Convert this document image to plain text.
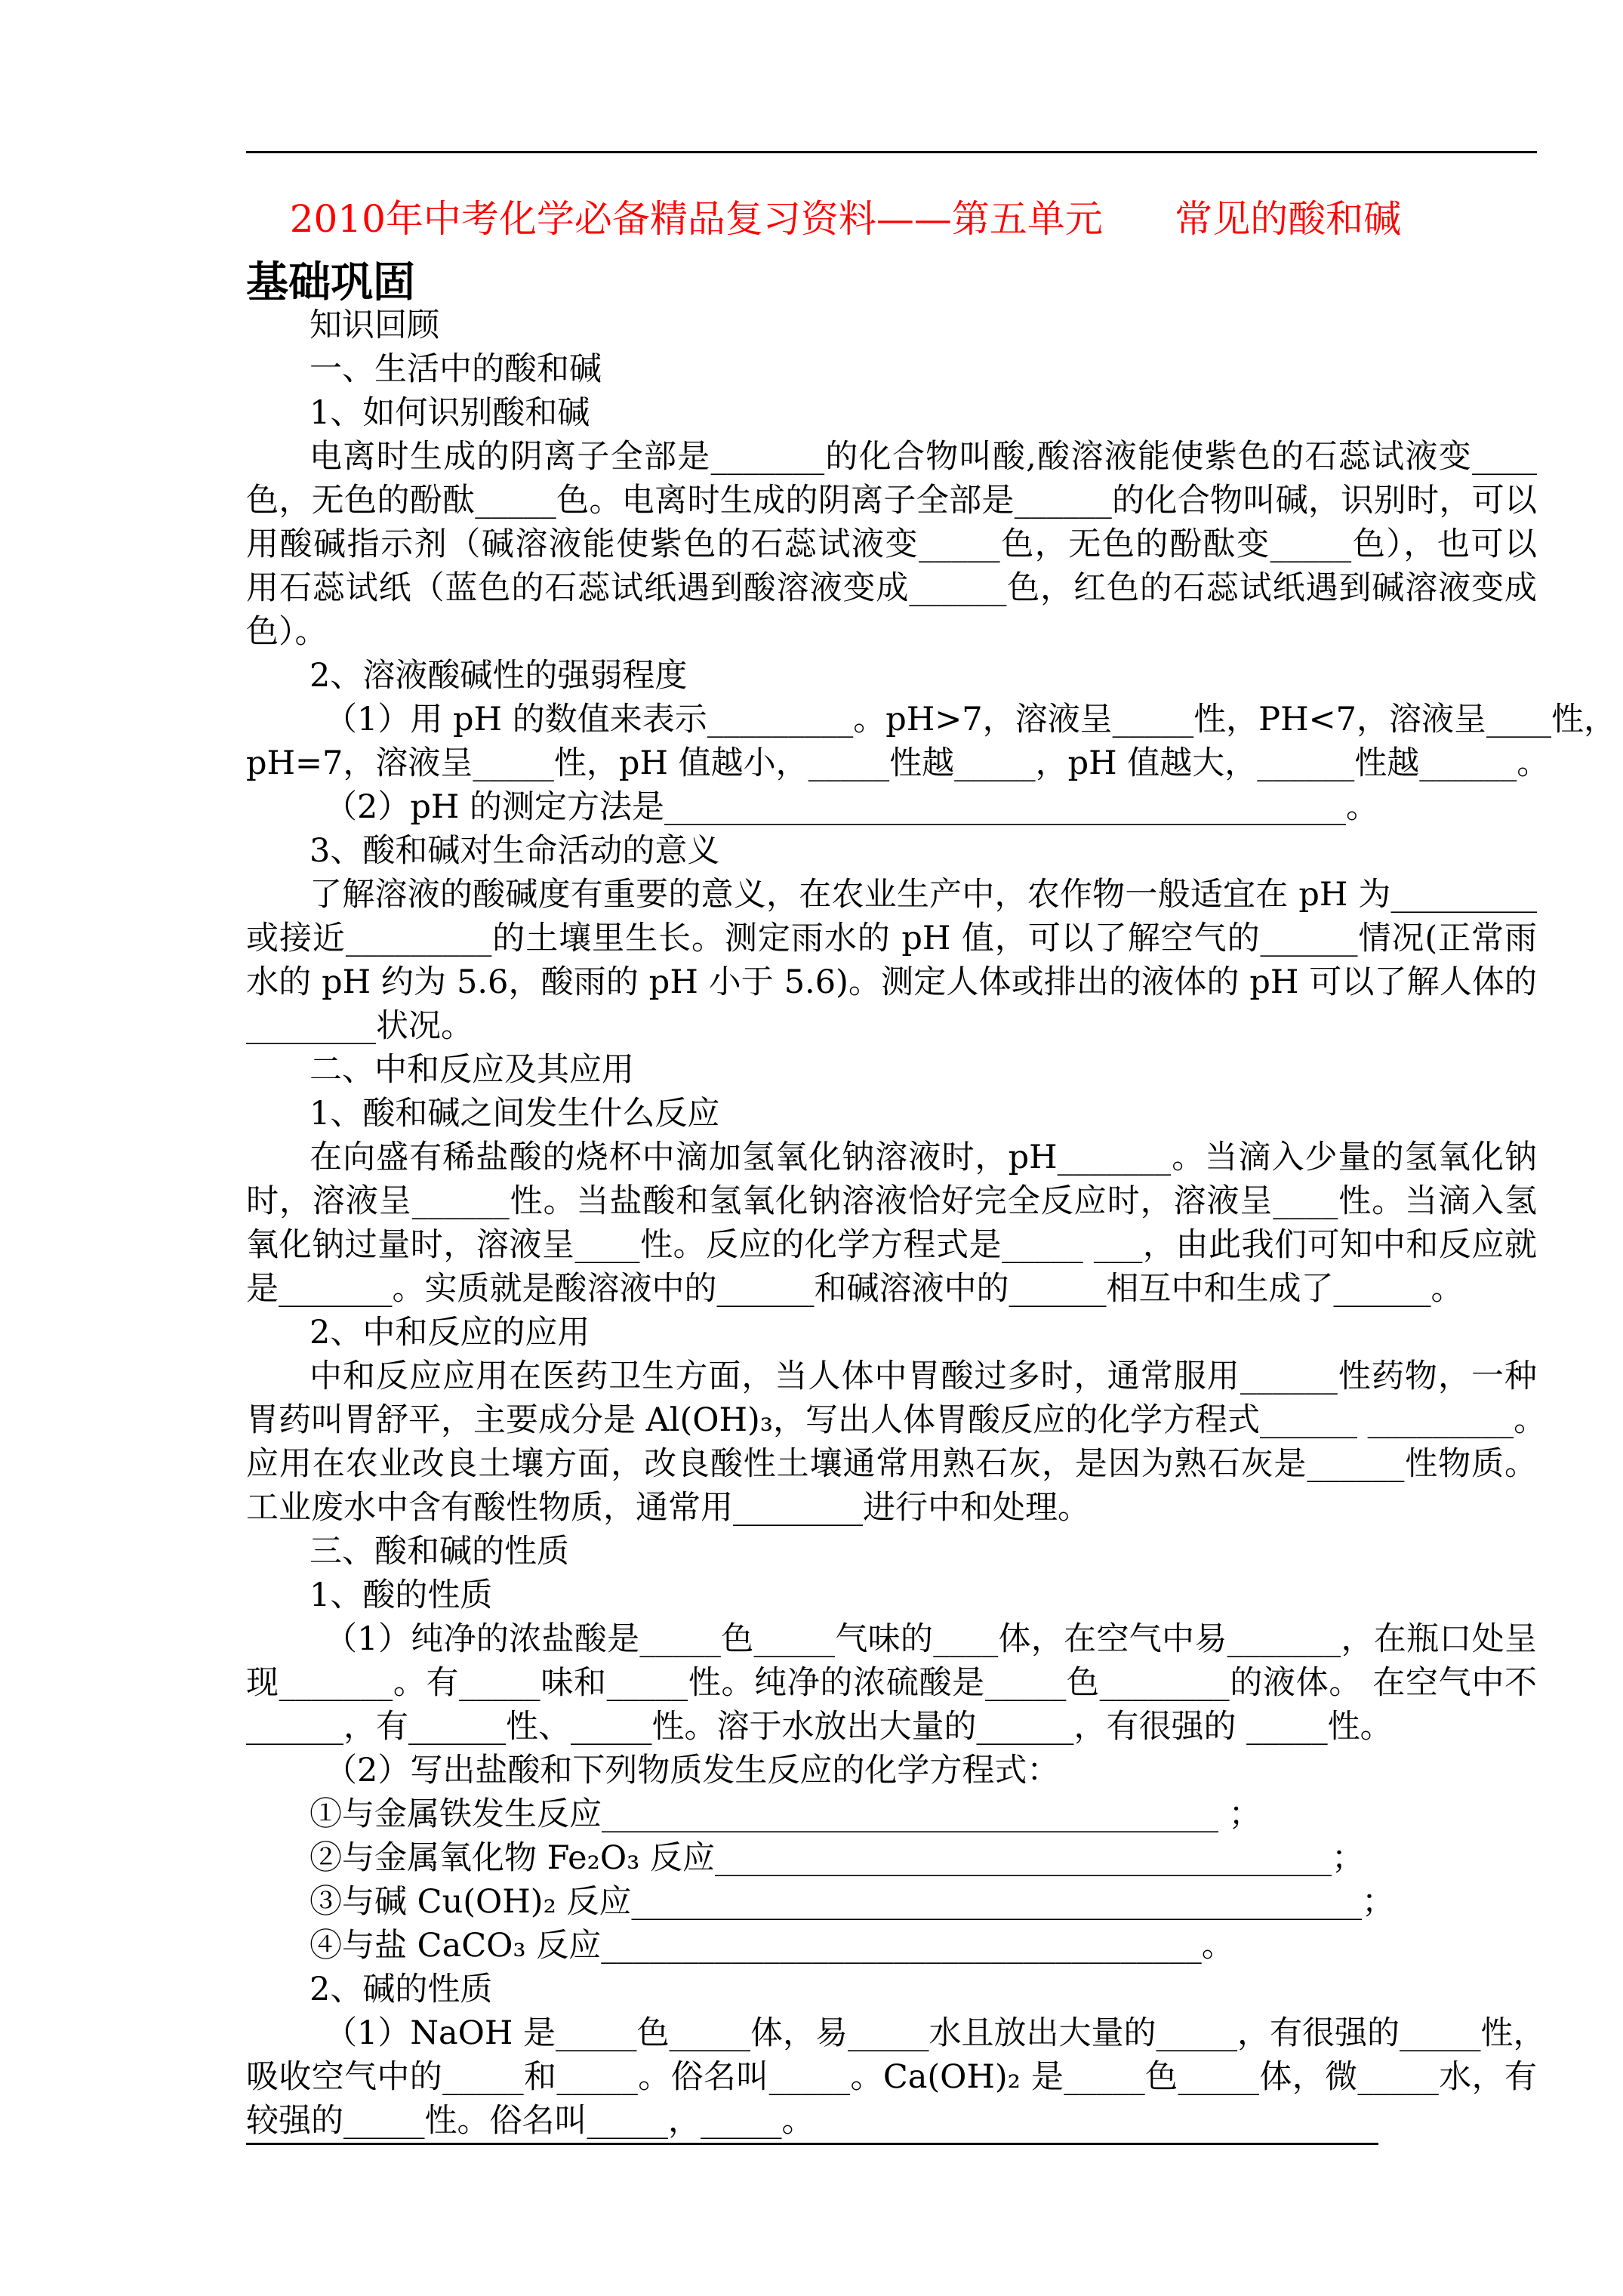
2010年中考化学必备精品复习资料——第五单元      常见的酸和碱
基础巩固
知识回顾
一、生活中的酸和碱
1、如何识别酸和碱
电离时生成的阴离子全部是_______的化合物叫酸,酸溶液能使紫色的石蕊试液变____
色，无色的酚酞_____色。电离时生成的阴离子全部是______的化合物叫碱，识别时，可以
用酸碱指示剂（碱溶液能使紫色的石蕊试液变_____色，无色的酚酞变_____色），也可以
用石蕊试纸（蓝色的石蕊试纸遇到酸溶液变成______色，红色的石蕊试纸遇到碱溶液变成
色）。
2、溶液酸碱性的强弱程度
（1）用 pH 的数值来表示_________。pH>7，溶液呈_____性，PH<7，溶液呈____性，
pH=7，溶液呈_____性，pH 值越小，_____性越_____，pH 值越大，______性越______。
（2）pH 的测定方法是__________________________________________。
3、酸和碱对生命活动的意义
了解溶液的酸碱度有重要的意义，在农业生产中，农作物一般适宜在 pH 为_________
或接近_________的土壤里生长。测定雨水的 pH 值，可以了解空气的______情况(正常雨
水的 pH 约为 5.6，酸雨的 pH 小于 5.6)。测定人体或排出的液体的 pH 可以了解人体的
________状况。
二、中和反应及其应用
1、酸和碱之间发生什么反应
在向盛有稀盐酸的烧杯中滴加氢氧化钠溶液时，pH_______。当滴入少量的氢氧化钠
时，溶液呈______性。当盐酸和氢氧化钠溶液恰好完全反应时，溶液呈____性。当滴入氢
氧化钠过量时，溶液呈____性。反应的化学方程式是_____ ___，由此我们可知中和反应就
是_______。实质就是酸溶液中的______和碱溶液中的______相互中和生成了______。
2、中和反应的应用
中和反应应用在医药卫生方面，当人体中胃酸过多时，通常服用______性药物，一种
胃药叫胃舒平，主要成分是 Al(OH)₃，写出人体胃酸反应的化学方程式______ _________。
应用在农业改良土壤方面，改良酸性土壤通常用熟石灰，是因为熟石灰是______性物质。
工业废水中含有酸性物质，通常用________进行中和处理。
三、酸和碱的性质
1、酸的性质
（1）纯净的浓盐酸是_____色_____气味的____体，在空气中易_______，在瓶口处呈
现_______。有_____味和_____性。纯净的浓硫酸是_____色________的液体。 在空气中不
______，有______性、_____性。溶于水放出大量的______，有很强的 _____性。
（2）写出盐酸和下列物质发生反应的化学方程式：
①与金属铁发生反应______________________________________ ；
②与金属氧化物 Fe₂O₃ 反应______________________________________；
③与碱 Cu(OH)₂ 反应_____________________________________________；
④与盐 CaCO₃ 反应_____________________________________。
2、碱的性质
（1）NaOH 是_____色_____体，易_____水且放出大量的_____，有很强的_____性，
吸收空气中的_____和_____。俗名叫_____。Ca(OH)₂ 是_____色_____体，微_____水，有
较强的_____性。俗名叫_____，_____。
